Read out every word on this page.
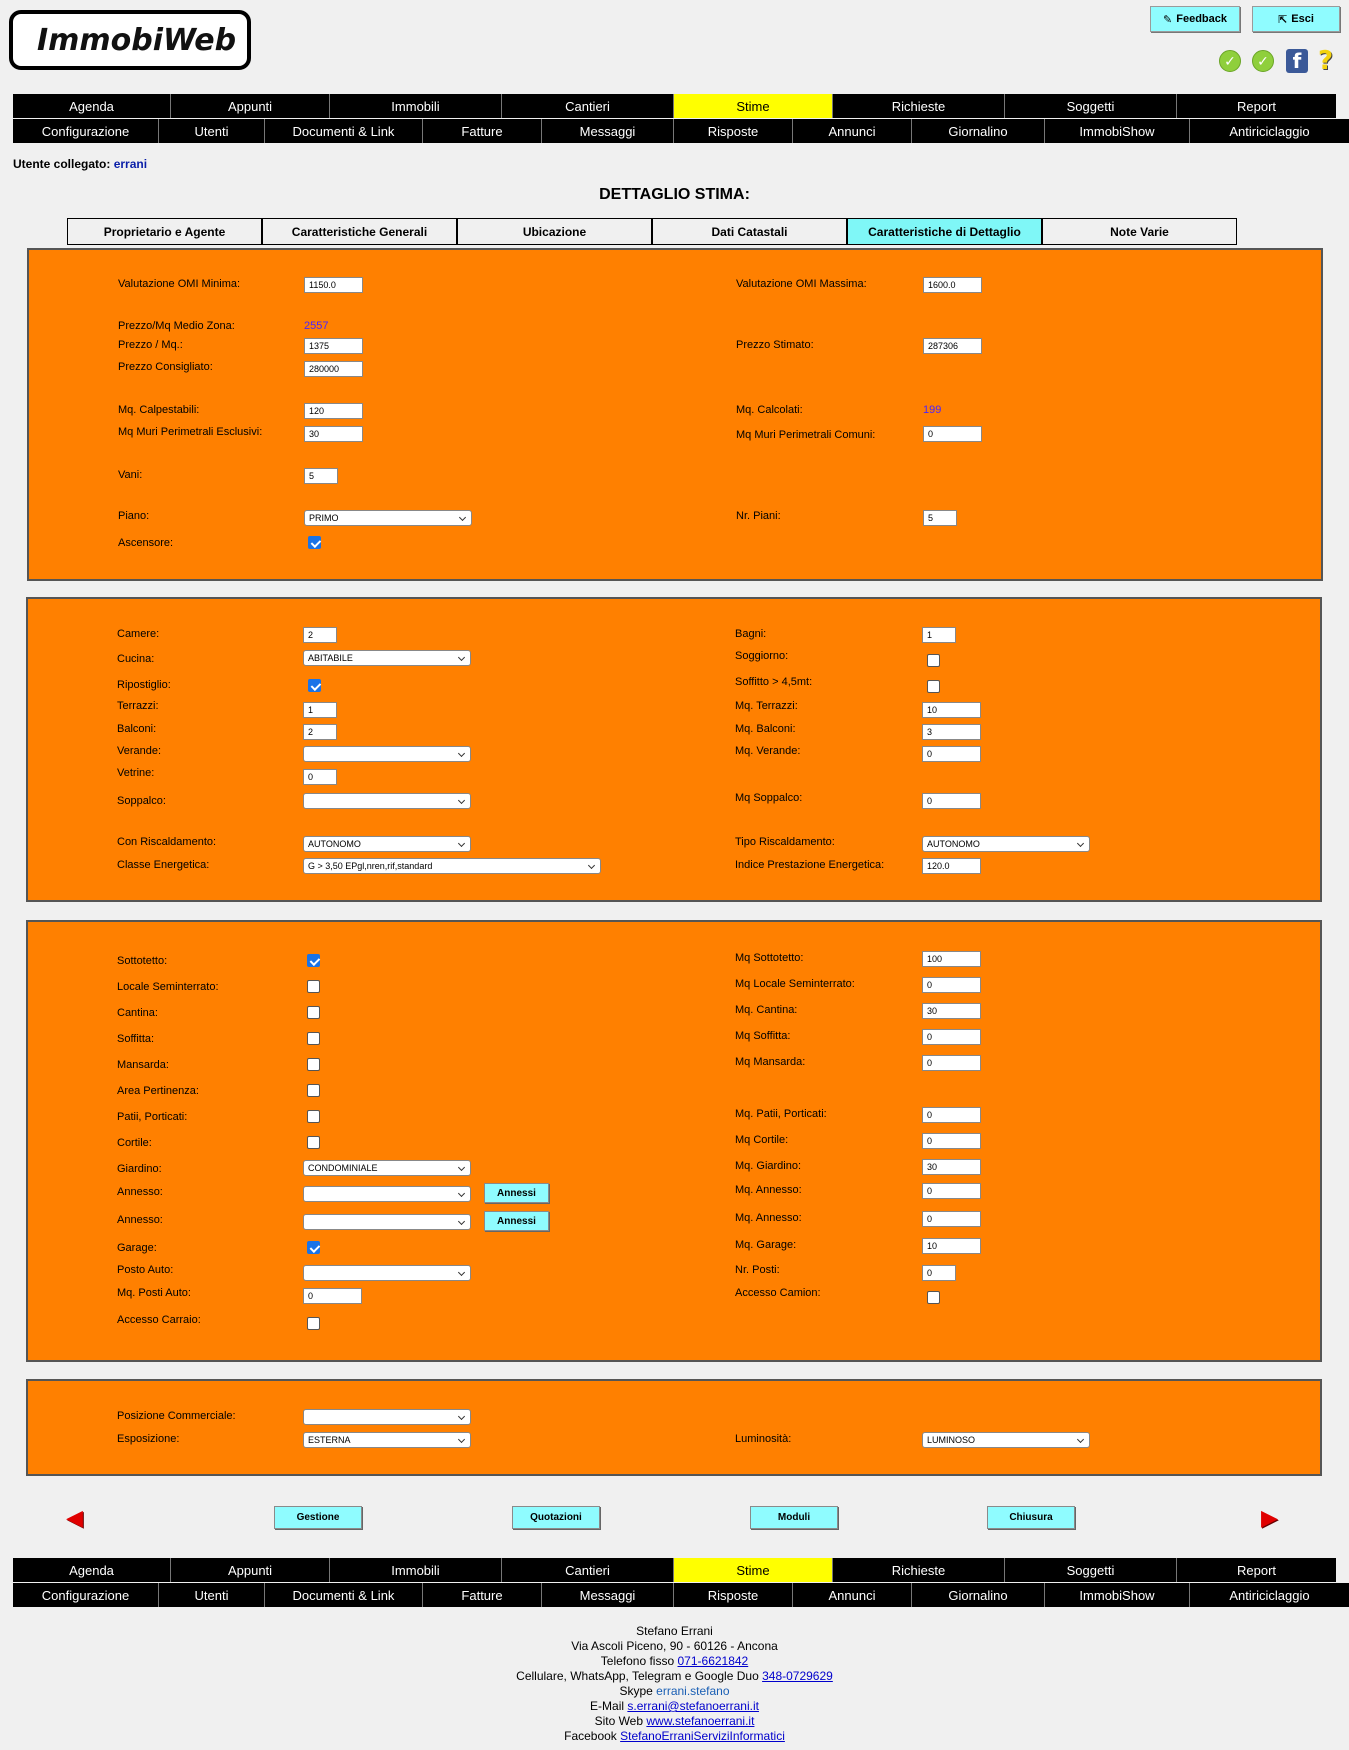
ImmobiWeb
✎ Feedback	⇱ Esci
✓	✓	f ?
Agenda	Appunti	Immobili	Cantieri	Stime	Richieste	Soggetti	Report
Configurazione	Utenti	Documenti & Link	Fatture	Messaggi	Risposte	Annunci	Giornalino	ImmobiShow	Antiriciclaggio
Utente collegato: errani
DETTAGLIO STIMA:
Proprietario e Agente	Caratteristiche Generali	Ubicazione	Dati Catastali	Caratteristiche di Dettaglio	Note Varie
Valutazione OMI Minima:	1150.0	Valutazione OMI Massima:	1600.0
Prezzo/Mq Medio Zona:	2557
Prezzo / Mq.:	1375	Prezzo Stimato:	287306
Prezzo Consigliato:	280000
Mq. Calpestabili:	120	Mq. Calcolati:	199
Mq Muri Perimetrali Esclusivi:	30	Mq Muri Perimetrali Comuni:	0
Vani:	5
Piano:	PRIMO	Nr. Piani:	5
Ascensore:
Camere:	2	Bagni:	1
Cucina:	ABITABILE	Soggiorno:
Ripostiglio:	Soffitto > 4,5mt:
Terrazzi:	1	Mq. Terrazzi:	10
Balconi:	2	Mq. Balconi:	3
Verande:	Mq. Verande:	0
Vetrine:	0
Soppalco:	Mq Soppalco:	0
Con Riscaldamento:	AUTONOMO	Tipo Riscaldamento:	AUTONOMO
Classe Energetica:	G > 3,50 EPgl,nren,rif,standard	Indice Prestazione Energetica:	120.0
Sottotetto:	Mq Sottotetto:	100
Locale Seminterrato:	Mq Locale Seminterrato:	0
Cantina:	Mq. Cantina:	30
Soffitta:	Mq Soffitta:	0
Mansarda:	Mq Mansarda:	0
Area Pertinenza:
Patii, Porticati:	Mq. Patii, Porticati:	0
Cortile:	Mq Cortile:	0
Giardino:	CONDOMINIALE	Mq. Giardino:	30
Annesso:	Annessi	Mq. Annesso:	0
Annesso:	Annessi	Mq. Annesso:	0
Garage:	Mq. Garage:	10
Posto Auto:	Nr. Posti:	0
Mq. Posti Auto:	0	Accesso Camion:
Accesso Carraio:
Posizione Commerciale:
Esposizione:	ESTERNA	Luminosità:	LUMINOSO
◀	Gestione	Quotazioni	Moduli	Chiusura	▶
Agenda	Appunti	Immobili	Cantieri	Stime	Richieste	Soggetti	Report
Configurazione	Utenti	Documenti & Link	Fatture	Messaggi	Risposte	Annunci	Giornalino	ImmobiShow	Antiriciclaggio
Stefano Errani
Via Ascoli Piceno, 90 - 60126 - Ancona
Telefono fisso 071-6621842
Cellulare, WhatsApp, Telegram e Google Duo 348-0729629
Skype errani.stefano
E-Mail s.errani@stefanoerrani.it
Sito Web www.stefanoerrani.it
Facebook StefanoErraniServiziInformatici
